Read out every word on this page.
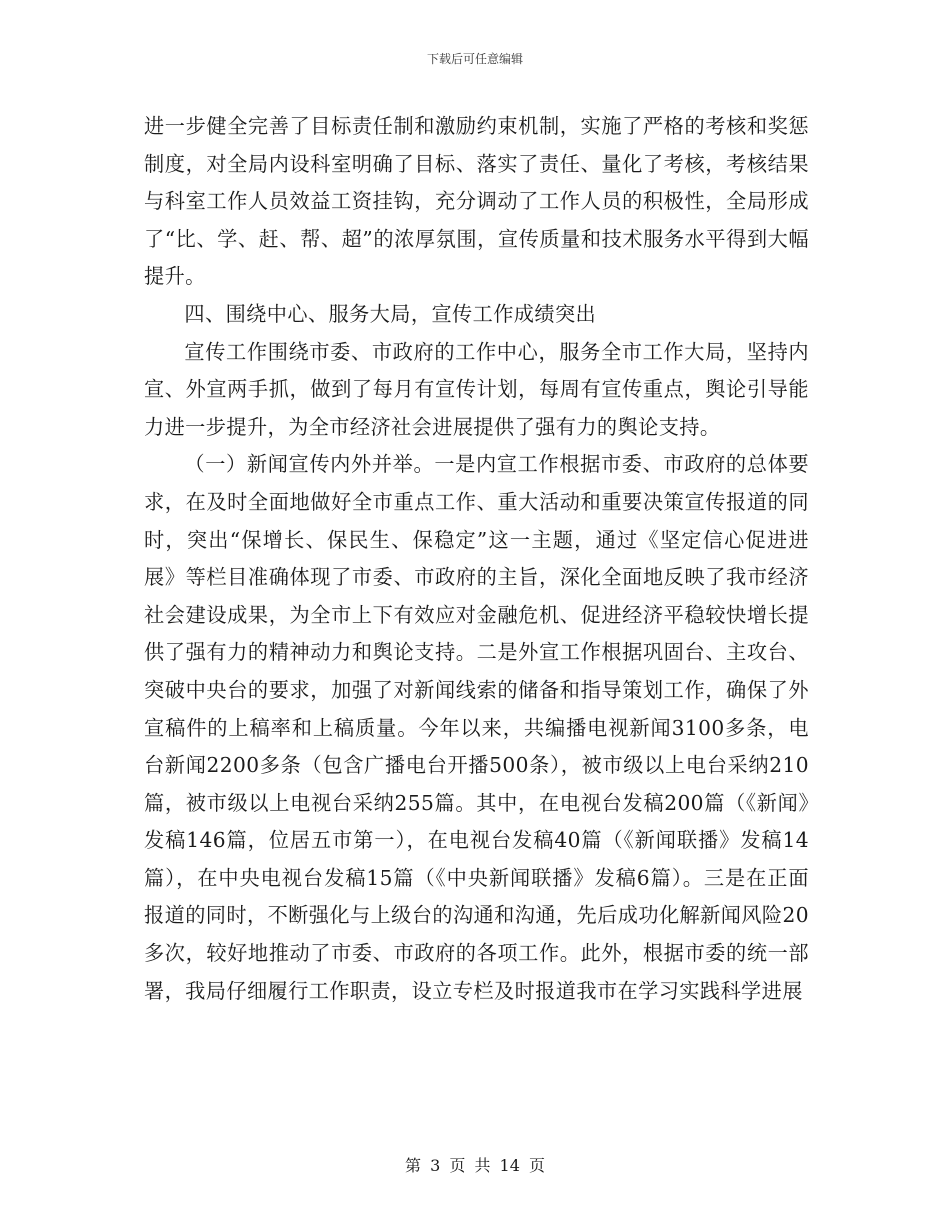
下载后可任意编辑

进一步健全完善了目标责任制和激励约束机制，实施了严格的考核和奖惩制度，对全局内设科室明确了目标、落实了责任、量化了考核，考核结果与科室工作人员效益工资挂钩，充分调动了工作人员的积极性，全局形成了“比、学、赶、帮、超”的浓厚氛围，宣传质量和技术服务水平得到大幅提升。

四、围绕中心、服务大局，宣传工作成绩突出

宣传工作围绕市委、市政府的工作中心，服务全市工作大局，坚持内宣、外宣两手抓，做到了每月有宣传计划，每周有宣传重点，舆论引导能力进一步提升，为全市经济社会进展提供了强有力的舆论支持。

（一）新闻宣传内外并举。一是内宣工作根据市委、市政府的总体要求，在及时全面地做好全市重点工作、重大活动和重要决策宣传报道的同时，突出“保增长、保民生、保稳定”这一主题，通过《坚定信心促进进展》等栏目准确体现了市委、市政府的主旨，深化全面地反映了我市经济社会建设成果，为全市上下有效应对金融危机、促进经济平稳较快增长提供了强有力的精神动力和舆论支持。二是外宣工作根据巩固台、主攻台、突破中央台的要求，加强了对新闻线索的储备和指导策划工作，确保了外宣稿件的上稿率和上稿质量。今年以来，共编播电视新闻3100多条，电台新闻2200多条（包含广播电台开播500条），被市级以上电台采纳210篇，被市级以上电视台采纳255篇。其中，在电视台发稿200篇（《新闻》发稿146篇，位居五市第一），在电视台发稿40篇（《新闻联播》发稿14篇），在中央电视台发稿15篇（《中央新闻联播》发稿6篇）。三是在正面报道的同时，不断强化与上级台的沟通和沟通，先后成功化解新闻风险20多次，较好地推动了市委、市政府的各项工作。此外，根据市委的统一部署，我局仔细履行工作职责，设立专栏及时报道我市在学习实践科学进展

第 3 页 共 14 页
